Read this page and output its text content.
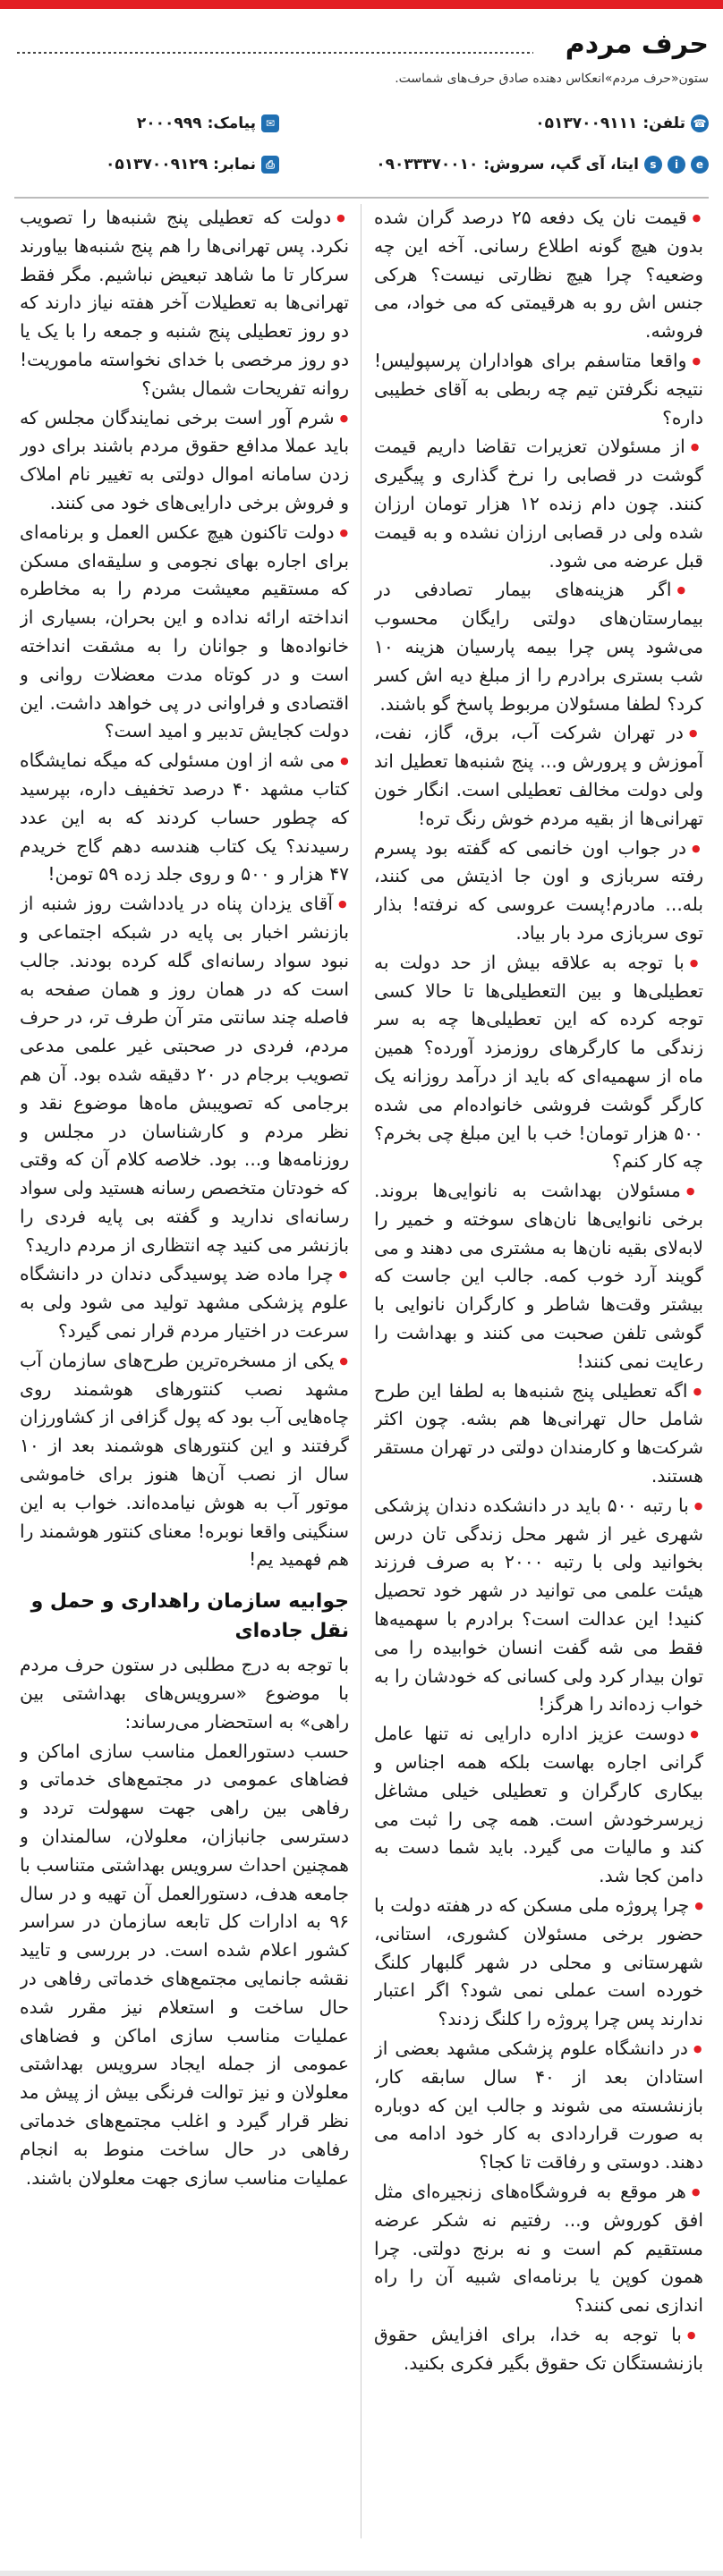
حرف مردم
ستون«حرف مردم»انعکاس دهنده صادق حرف‌های شماست.
☎
تلفن:
۰۵۱۳۷۰۰۹۱۱۱
✉
پیامک:
۲۰۰۰۹۹۹
e
i
s
ایتا، آی گپ، سروش:
۰۹۰۳۳۳۷۰۰۱۰
⎙
نمابر:
۰۵۱۳۷۰۰۹۱۲۹

● قیمت نان یک دفعه ۲۵ درصد گران شده بدون هیچ گونه اطلاع رسانی. آخه این چه وضعیه؟ چرا هیچ نظارتی نیست؟ هرکی جنس اش رو به هرقیمتی که می خواد، می فروشه.

● واقعا متاسفم برای هواداران پرسپولیس! نتیجه نگرفتن تیم چه ربطی به آقای خطیبی داره؟

● از مسئولان تعزیرات تقاضا داریم قیمت گوشت در قصابی را نرخ گذاری و پیگیری کنند. چون دام زنده ۱۲ هزار تومان ارزان شده ولی در قصابی ارزان نشده و به قیمت قبل عرضه می شود.

● اگر هزینه‌های بیمار تصادفی در بیمارستان‌های دولتی رایگان محسوب می‌شود پس چرا بیمه پارسیان هزینه ۱۰ شب بستری برادرم را از مبلغ دیه اش کسر کرد؟ لطفا مسئولان مربوط پاسخ گو باشند.

● در تهران شرکت آب، برق، گاز، نفت، آموزش و پرورش و... پنج شنبه‌ها تعطیل اند ولی دولت مخالف تعطیلی است. انگار خون تهرانی‌ها از بقیه مردم خوش رنگ تره!

● در جواب اون خانمی که گفته بود پسرم رفته سربازی و اون جا اذیتش می کنند، بله... مادرم!پست عروسی که نرفته! بذار توی سربازی مرد بار بیاد.

● با توجه به علاقه بیش از حد دولت به تعطیلی‌ها و بین التعطیلی‌ها تا حالا کسی توجه کرده که این تعطیلی‌ها چه به سر زندگی ما کارگرهای روزمزد آورده؟ همین ماه از سهمیه‌ای که باید از درآمد روزانه یک کارگر گوشت فروشی خانواده‌ام می شده ۵۰۰ هزار تومان! خب با این مبلغ چی بخرم؟ چه کار کنم؟

● مسئولان بهداشت به نانوایی‌ها بروند. برخی نانوایی‌ها نان‌های سوخته و خمیر را لابه‌لای بقیه نان‌ها به مشتری می دهند و می گویند آرد خوب کمه. جالب این جاست که بیشتر وقت‌ها شاطر و کارگران نانوایی با گوشی تلفن صحبت می کنند و بهداشت را رعایت نمی کنند!

● اگه تعطیلی پنج شنبه‌ها به لطفا این طرح شامل حال تهرانی‌ها هم بشه. چون اکثر شرکت‌ها و کارمندان دولتی در تهران مستقر هستند.

● با رتبه ۵۰۰ باید در دانشکده دندان پزشکی شهری غیر از شهر محل زندگی تان درس بخوانید ولی با رتبه ۲۰۰۰ به صرف فرزند هیئت علمی می توانید در شهر خود تحصیل کنید! این عدالت است؟ برادرم با سهمیه‌ها فقط می شه گفت انسان خوابیده را می توان بیدار کرد ولی کسانی که خودشان را به خواب زده‌اند را هرگز!

● دوست عزیز اداره دارایی نه تنها عامل گرانی اجاره بهاست بلکه همه اجناس و بیکاری کارگران و تعطیلی خیلی مشاغل زیرسرخودش است. همه چی را ثبت می کند و مالیات می گیرد. باید شما دست به دامن کجا شد.

● چرا پروژه ملی مسکن که در هفته دولت با حضور برخی مسئولان کشوری، استانی، شهرستانی و محلی در شهر گلبهار کلنگ خورده است عملی نمی شود؟ اگر اعتبار ندارند پس چرا پروژه را کلنگ زدند؟

● در دانشگاه علوم پزشکی مشهد بعضی از استادان بعد از ۴۰ سال سابقه کار، بازنشسته می شوند و جالب این که دوباره به صورت قراردادی به کار خود ادامه می دهند. دوستی و رفاقت تا کجا؟

● هر موقع به فروشگاه‌های زنجیره‌ای مثل افق کوروش و... رفتیم نه شکر عرضه مستقیم کم است و نه برنج دولتی. چرا همون کوپن یا برنامه‌ای شبیه آن را راه اندازی نمی کنند؟

● با توجه به خدا، برای افزایش حقوق بازنشستگان تک حقوق بگیر فکری بکنید.

● دولت که تعطیلی پنج شنبه‌ها را تصویب نکرد. پس تهرانی‌ها را هم پنج شنبه‌ها بیاورند سرکار تا ما شاهد تبعیض نباشیم. مگر فقط تهرانی‌ها به تعطیلات آخر هفته نیاز دارند که دو روز تعطیلی پنج شنبه و جمعه را با یک یا دو روز مرخصی با خدای نخواسته ماموریت! روانه تفریحات شمال بشن؟

● شرم آور است برخی نمایندگان مجلس که باید عملا مدافع حقوق مردم باشند برای دور زدن سامانه اموال دولتی به تغییر نام املاک و فروش برخی دارایی‌های خود می کنند.

● دولت تاکنون هیچ عکس العمل و برنامه‌ای برای اجاره بهای نجومی و سلیقه‌ای مسکن که مستقیم معیشت مردم را به مخاطره انداخته ارائه نداده و این بحران، بسیاری از خانواده‌ها و جوانان را به مشقت انداخته است و در کوتاه مدت معضلات روانی و اقتصادی و فراوانی در پی خواهد داشت. این دولت کجایش تدبیر و امید است؟

● می شه از اون مسئولی که میگه نمایشگاه کتاب مشهد ۴۰ درصد تخفیف داره، بپرسید که چطور حساب کردند که به این عدد رسیدند؟ یک کتاب هندسه دهم گاج خریدم ۴۷ هزار و ۵۰۰ و روی جلد زده ۵۹ تومن!

● آقای یزدان پناه در یادداشت روز شنبه از بازنشر اخبار بی پایه در شبکه اجتماعی و نبود سواد رسانه‌ای گله کرده بودند. جالب است که در همان روز و همان صفحه به فاصله چند سانتی متر آن طرف تر، در حرف مردم، فردی در صحبتی غیر علمی مدعی تصویب برجام در ۲۰ دقیقه شده بود. آن هم برجامی که تصویبش ماه‌ها موضوع نقد و نظر مردم و کارشناسان در مجلس و روزنامه‌ها و... بود. خلاصه کلام آن که وقتی که خودتان متخصص رسانه هستید ولی سواد رسانه‌ای ندارید و گفته بی پایه فردی را بازنشر می کنید چه انتظاری از مردم دارید؟

● چرا ماده ضد پوسیدگی دندان در دانشگاه علوم پزشکی مشهد تولید می شود ولی به سرعت در اختیار مردم قرار نمی گیرد؟

● یکی از مسخره‌ترین طرح‌های سازمان آب مشهد نصب کنتورهای هوشمند روی چاه‌هایی آب بود که پول گزافی از کشاورزان گرفتند و این کنتورهای هوشمند بعد از ۱۰ سال از نصب آن‌ها هنوز برای خاموشی موتور آب به هوش نیامده‌اند. خواب به این سنگینی واقعا نوبره! معنای کنتور هوشمند را هم فهمید یم!

جوابیه سازمان راهداری و حمل و نقل جاده‌ای

با توجه به درج مطلبی در ستون حرف مردم با موضوع «سرویس‌های بهداشتی بین راهی» به استحضار می‌رساند:

حسب دستورالعمل مناسب سازی اماکن و فضاهای عمومی در مجتمع‌های خدماتی و رفاهی بین راهی جهت سهولت تردد و دسترسی جانبازان، معلولان، سالمندان و همچنین احداث سرویس بهداشتی متناسب با جامعه هدف، دستورالعمل آن تهیه و در سال ۹۶ به ادارات کل تابعه سازمان در سراسر کشور اعلام شده است. در بررسی و تایید نقشه جانمایی مجتمع‌های خدماتی رفاهی در حال ساخت و استعلام نیز مقرر شده عملیات مناسب سازی اماکن و فضاهای عمومی از جمله ایجاد سرویس بهداشتی معلولان و نیز توالت فرنگی بیش از پیش مد نظر قرار گیرد و اغلب مجتمع‌های خدماتی رفاهی در حال ساخت منوط به انجام عملیات مناسب سازی جهت معلولان باشند.
